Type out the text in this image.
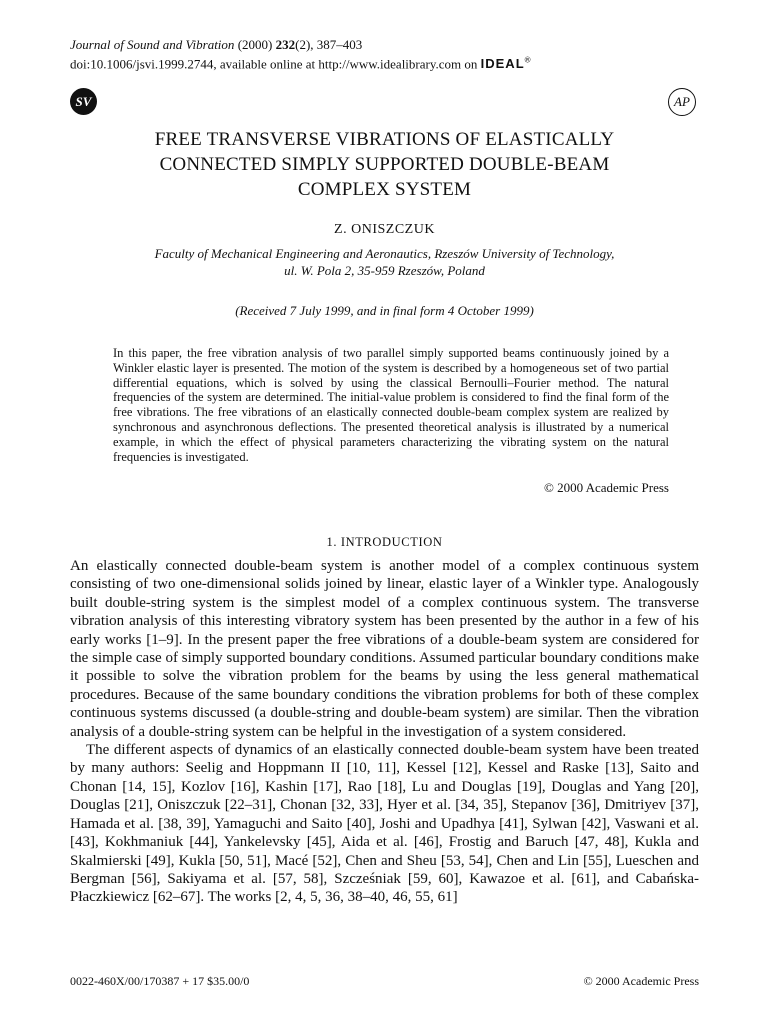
Journal of Sound and Vibration (2000) 232(2), 387–403
doi:10.1006/jsvi.1999.2744, available online at http://www.idealibrary.com on IDEAL®
SV	AP
FREE TRANSVERSE VIBRATIONS OF ELASTICALLY
CONNECTED SIMPLY SUPPORTED DOUBLE-BEAM
COMPLEX SYSTEM
Z. ONISZCZUK
Faculty of Mechanical Engineering and Aeronautics, Rzeszów University of Technology,
ul. W. Pola 2, 35-959 Rzeszów, Poland
(Received 7 July 1999, and in final form 4 October 1999)
In this paper, the free vibration analysis of two parallel simply supported beams continuously joined by a Winkler elastic layer is presented. The motion of the system is described by a homogeneous set of two partial differential equations, which is solved by using the classical Bernoulli–Fourier method. The natural frequencies of the system are determined. The initial-value problem is considered to find the final form of the free vibrations. The free vibrations of an elastically connected double-beam complex system are realized by synchronous and asynchronous deflections. The presented theoretical analysis is illustrated by a numerical example, in which the effect of physical parameters characterizing the vibrating system on the natural frequencies is investigated.
© 2000 Academic Press
1. INTRODUCTION

An elastically connected double-beam system is another model of a complex continuous system consisting of two one-dimensional solids joined by linear, elastic layer of a Winkler type. Analogously built double-string system is the simplest model of a complex continuous system. The transverse vibration analysis of this interesting vibratory system has been presented by the author in a few of his early works [1–9]. In the present paper the free vibrations of a double-beam system are considered for the simple case of simply supported boundary conditions. Assumed particular boundary conditions make it possible to solve the vibration problem for the beams by using the less general mathematical procedures. Because of the same boundary conditions the vibration problems for both of these complex continuous systems discussed (a double-string and double-beam system) are similar. Then the vibration analysis of a double-string system can be helpful in the investigation of a system considered.

The different aspects of dynamics of an elastically connected double-beam system have been treated by many authors: Seelig and Hoppmann II [10, 11], Kessel [12], Kessel and Raske [13], Saito and Chonan [14, 15], Kozlov [16], Kashin [17], Rao [18], Lu and Douglas [19], Douglas and Yang [20], Douglas [21], Oniszczuk [22–31], Chonan [32, 33], Hyer et al. [34, 35], Stepanov [36], Dmitriyev [37], Hamada et al. [38, 39], Yamaguchi and Saito [40], Joshi and Upadhya [41], Sylwan [42], Vaswani et al. [43], Kokhmaniuk [44], Yankelevsky [45], Aida et al. [46], Frostig and Baruch [47, 48], Kukla and Skalmierski [49], Kukla [50, 51], Macé [52], Chen and Sheu [53, 54], Chen and Lin [55], Lueschen and Bergman [56], Sakiyama et al. [57, 58], Szcześniak [59, 60], Kawazoe et al. [61], and Cabańska-Płaczkiewicz [62–67]. The works [2, 4, 5, 36, 38–40, 46, 55, 61]

0022-460X/00/170387 + 17 $35.00/0	© 2000 Academic Press
